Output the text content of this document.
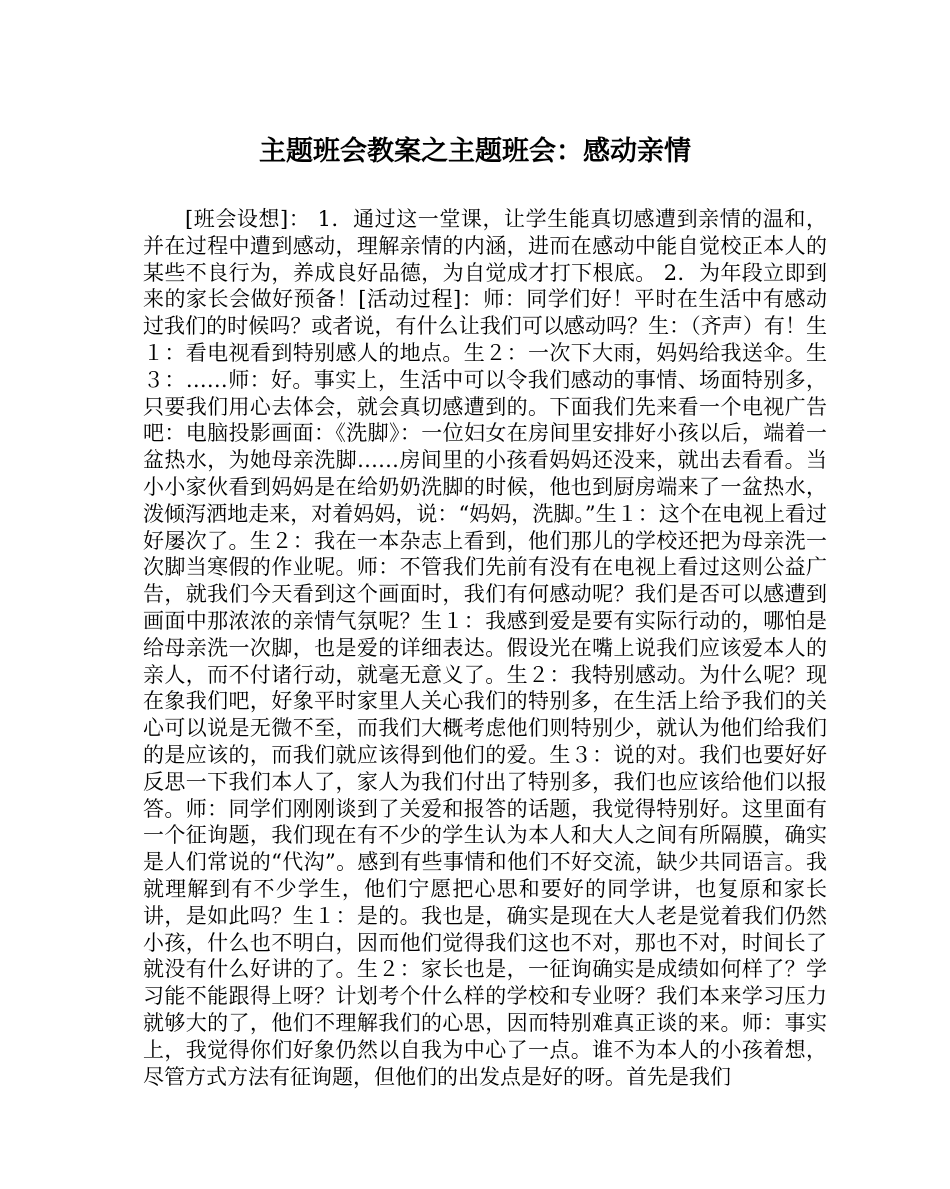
主题班会教案之主题班会：感动亲情

[班会设想]： 1．通过这一堂课，让学生能真切感遭到亲情的温和，并在过程中遭到感动，理解亲情的内涵，进而在感动中能自觉校正本人的某些不良行为，养成良好品德，为自觉成才打下根底。 2．为年段立即到来的家长会做好预备！[活动过程]：师：同学们好！平时在生活中有感动过我们的时候吗？或者说，有什么让我们可以感动吗？生：（齐声）有！生１：看电视看到特别感人的地点。生２：一次下大雨，妈妈给我送伞。生３：……师：好。事实上，生活中可以令我们感动的事情、场面特别多，只要我们用心去体会，就会真切感遭到的。下面我们先来看一个电视广告吧：电脑投影画面：《洗脚》：一位妇女在房间里安排好小孩以后，端着一盆热水，为她母亲洗脚……房间里的小孩看妈妈还没来，就出去看看。当小小家伙看到妈妈是在给奶奶洗脚的时候，他也到厨房端来了一盆热水，泼倾泻洒地走来，对着妈妈，说：“妈妈，洗脚。”生１：这个在电视上看过好屡次了。生２：我在一本杂志上看到，他们那儿的学校还把为母亲洗一次脚当寒假的作业呢。师：不管我们先前有没有在电视上看过这则公益广告，就我们今天看到这个画面时，我们有何感动呢？我们是否可以感遭到画面中那浓浓的亲情气氛呢？生１：我感到爱是要有实际行动的，哪怕是给母亲洗一次脚，也是爱的详细表达。假设光在嘴上说我们应该爱本人的亲人，而不付诸行动，就毫无意义了。生２：我特别感动。为什么呢？现在象我们吧，好象平时家里人关心我们的特别多，在生活上给予我们的关心可以说是无微不至，而我们大概考虑他们则特别少，就认为他们给我们的是应该的，而我们就应该得到他们的爱。生３：说的对。我们也要好好反思一下我们本人了，家人为我们付出了特别多，我们也应该给他们以报答。师：同学们刚刚谈到了关爱和报答的话题，我觉得特别好。这里面有一个征询题，我们现在有不少的学生认为本人和大人之间有所隔膜，确实是人们常说的“代沟”。感到有些事情和他们不好交流，缺少共同语言。我就理解到有不少学生，他们宁愿把心思和要好的同学讲，也复原和家长讲，是如此吗？生１：是的。我也是，确实是现在大人老是觉着我们仍然小孩，什么也不明白，因而他们觉得我们这也不对，那也不对，时间长了就没有什么好讲的了。生２：家长也是，一征询确实是成绩如何样了？学习能不能跟得上呀？计划考个什么样的学校和专业呀？我们本来学习压力就够大的了，他们不理解我们的心思，因而特别难真正谈的来。师：事实上，我觉得你们好象仍然以自我为中心了一点。谁不为本人的小孩着想，尽管方式方法有征询题，但他们的出发点是好的呀。首先是我们
